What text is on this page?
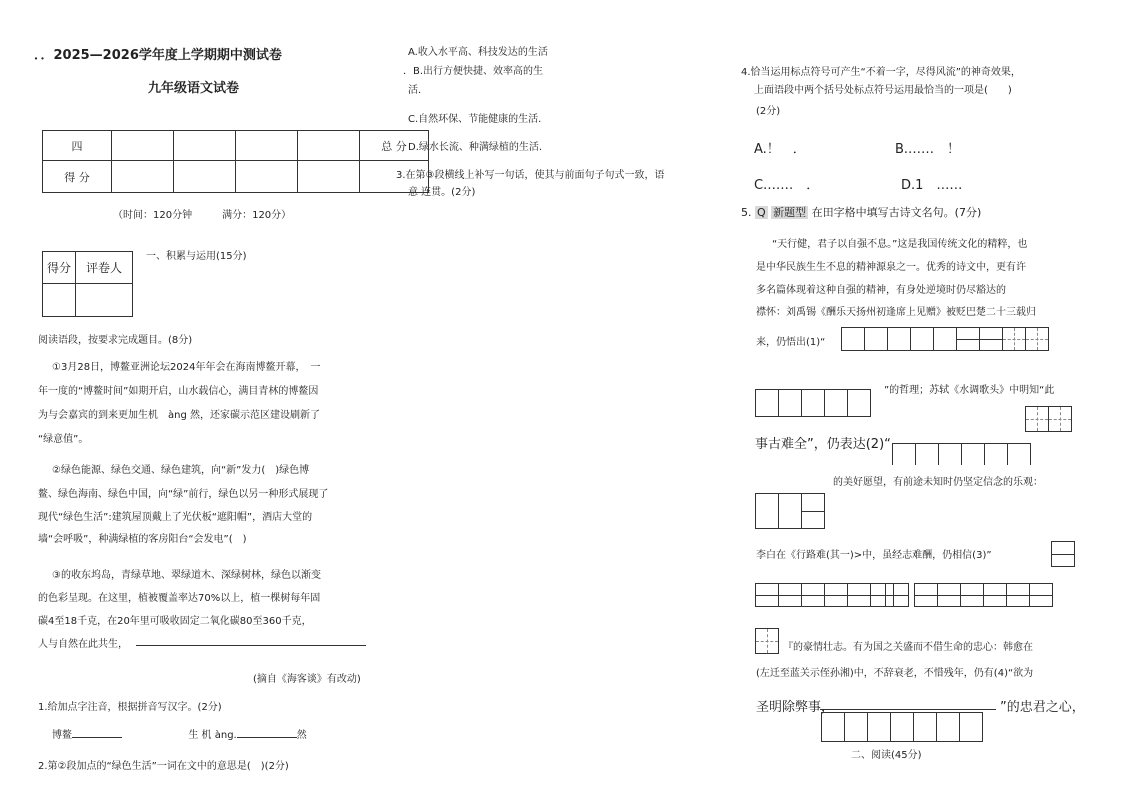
．．2025—2026学年度上学期期中测试卷
九年级语文试卷
四					总 分
得 分					
（时间：120分钟　　　满分：120分）
得分	评卷人

一、积累与运用(15分)
阅读语段，按要求完成题目。(8分)
①3月28日，博鳌亚洲论坛2024年年会在海南博鳌开幕，　一
年一度的“博鳌时间”如期开启，山水载信心，满目青林的博鳌因
为与会嘉宾的到来更加生机　àng 然，还家碳示范区建设刷新了
“绿意值”。
②绿色能源、绿色交通、绿色建筑，向“新”发力(　)绿色博
鳌、绿色海南、绿色中国，向“绿”前行，绿色以另一种形式展现了
现代“绿色生活”:建筑屋顶戴上了光伏板“遮阳帽”，酒店大堂的
墙“会呼吸”，种满绿植的客房阳台“会发电”(　)
③的收东坞岛，青绿草地、翠绿道木、深绿树林，绿色以渐变
的色彩呈现。在这里，植被覆盖率达70%以上，植一棵树每年固
碳4至18千克，在20年里可吸收固定二氧化碳80至360千克，
人与自然在此共生，
(摘自《海客谈》有改动)
1.给加点字注音，根据拼音写汉字。(2分)
博鳌	生 机 àng.	然
2.第②段加点的“绿色生活”一词在文中的意思是(　)(2分)
A.收入水平高、科技发达的生活
．B.出行方便快捷、效率高的生
活．
C.自然环保、节能健康的生活.
D.绿水长流、种满绿植的生活.
3.在第③段横线上补写一句话，使其与前面句子句式一致，语
意 连贯。(2分)
4.恰当运用标点符号可产生“不着一字，尽得风流”的神奇效果，
上面语段中两个括号处标点符号运用最恰当的一项是(　　)
(2分)
A.！　．	B.……　！
C.……　．	D.1　……
5. Q 新题型 在田字格中填写古诗文名句。(7分)
“天行健，君子以自强不息。”这是我国传统文化的精粹，也
是中华民族生生不息的精神源泉之一。优秀的诗文中，更有许
多名篇体现着这种自强的精神，有身处逆境时仍尽豁达的
襟怀：刘禹锡《酬乐天扬州初逢席上见赠》被贬巴楚二十三载归
来，仍悟出(1)“
”的哲理；苏轼《水调歌头》中明知“此
事古难全”，仍表达(2)“
的美好愿望，有前途未知时仍坚定信念的乐观：
李白在《行路难(其一)>中，虽经志难酬，仍相信(3)”
『的豪情壮志。有为国之关盛而不借生命的忠心：韩愈在
(左迁至蓝关示侄孙湘)中，不辞衰老，不惜残年，仍有(4)“欲为
圣明除弊事，	”的忠君之心，
二、阅读(45分)
